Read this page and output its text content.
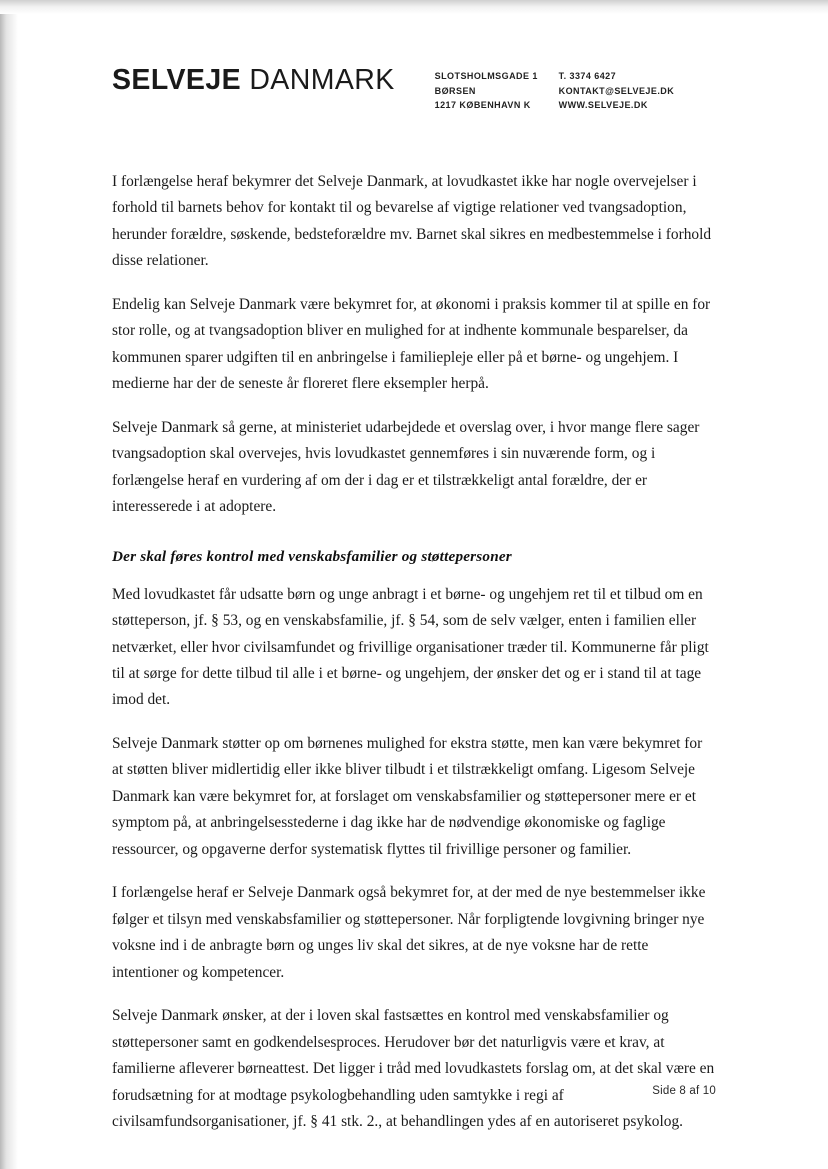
SELVEJE DANMARK	SLOTSHOLMSGADE 1
BØRSEN
1217 KØBENHAVN K
T. 3374 6427
KONTAKT@SELVEJE.DK
WWW.SELVEJE.DK

I forlængelse heraf bekymrer det Selveje Danmark, at lovudkastet ikke har nogle overvejelser i forhold til barnets behov for kontakt til og bevarelse af vigtige relationer ved tvangsadoption, herunder forældre, søskende, bedsteforældre mv. Barnet skal sikres en medbestemmelse i forhold disse relationer.

Endelig kan Selveje Danmark være bekymret for, at økonomi i praksis kommer til at spille en for stor rolle, og at tvangsadoption bliver en mulighed for at indhente kommunale besparelser, da kommunen sparer udgiften til en anbringelse i familiepleje eller på et børne- og ungehjem. I medierne har der de seneste år floreret flere eksempler herpå.

Selveje Danmark så gerne, at ministeriet udarbejdede et overslag over, i hvor mange flere sager tvangsadoption skal overvejes, hvis lovudkastet gennemføres i sin nuværende form, og i forlængelse heraf en vurdering af om der i dag er et tilstrækkeligt antal forældre, der er interesserede i at adoptere.

Der skal føres kontrol med venskabsfamilier og støttepersoner

Med lovudkastet får udsatte børn og unge anbragt i et børne- og ungehjem ret til et tilbud om en støtteperson, jf. § 53, og en venskabsfamilie, jf. § 54, som de selv vælger, enten i familien eller netværket, eller hvor civilsamfundet og frivillige organisationer træder til. Kommunerne får pligt til at sørge for dette tilbud til alle i et børne- og ungehjem, der ønsker det og er i stand til at tage imod det.

Selveje Danmark støtter op om børnenes mulighed for ekstra støtte, men kan være bekymret for at støtten bliver midlertidig eller ikke bliver tilbudt i et tilstrækkeligt omfang. Ligesom Selveje Danmark kan være bekymret for, at forslaget om venskabsfamilier og støttepersoner mere er et symptom på, at anbringelsesstederne i dag ikke har de nødvendige økonomiske og faglige ressourcer, og opgaverne derfor systematisk flyttes til frivillige personer og familier.

I forlængelse heraf er Selveje Danmark også bekymret for, at der med de nye bestemmelser ikke følger et tilsyn med venskabsfamilier og støttepersoner. Når forpligtende lovgivning bringer nye voksne ind i de anbragte børn og unges liv skal det sikres, at de nye voksne har de rette intentioner og kompetencer.

Selveje Danmark ønsker, at der i loven skal fastsættes en kontrol med venskabsfamilier og støttepersoner samt en godkendelsesproces. Herudover bør det naturligvis være et krav, at familierne afleverer børneattest. Det ligger i tråd med lovudkastets forslag om, at det skal være en forudsætning for at modtage psykologbehandling uden samtykke i regi af civilsamfundsorganisationer, jf. § 41 stk. 2., at behandlingen ydes af en autoriseret psykolog.

Side 8 af 10
